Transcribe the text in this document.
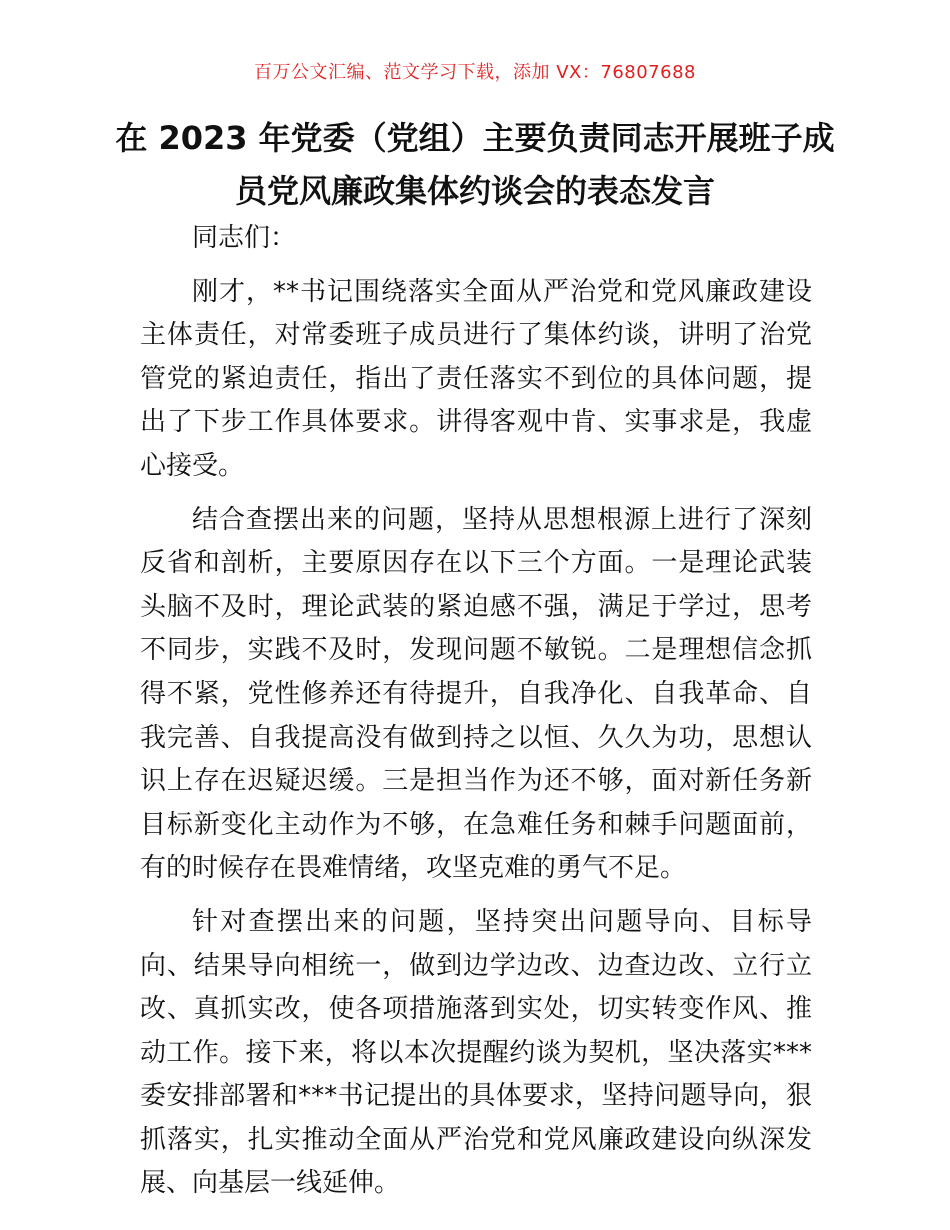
百万公文汇编、范文学习下载，添加 VX：76807688
在 2023 年党委（党组）主要负责同志开展班子成员党风廉政集体约谈会的表态发言

同志们：

刚才，**书记围绕落实全面从严治党和党风廉政建设主体责任，对常委班子成员进行了集体约谈，讲明了治党管党的紧迫责任，指出了责任落实不到位的具体问题，提出了下步工作具体要求。讲得客观中肯、实事求是，我虚心接受。

结合查摆出来的问题，坚持从思想根源上进行了深刻反省和剖析，主要原因存在以下三个方面。一是理论武装头脑不及时，理论武装的紧迫感不强，满足于学过，思考不同步，实践不及时，发现问题不敏锐。二是理想信念抓得不紧，党性修养还有待提升，自我净化、自我革命、自我完善、自我提高没有做到持之以恒、久久为功，思想认识上存在迟疑迟缓。三是担当作为还不够，面对新任务新目标新变化主动作为不够，在急难任务和棘手问题面前，有的时候存在畏难情绪，攻坚克难的勇气不足。

针对查摆出来的问题，坚持突出问题导向、目标导向、结果导向相统一，做到边学边改、边查边改、立行立改、真抓实改，使各项措施落到实处，切实转变作风、推动工作。接下来，将以本次提醒约谈为契机，坚决落实***委安排部署和***书记提出的具体要求，坚持问题导向，狠抓落实，扎实推动全面从严治党和党风廉政建设向纵深发展、向基层一线延伸。
